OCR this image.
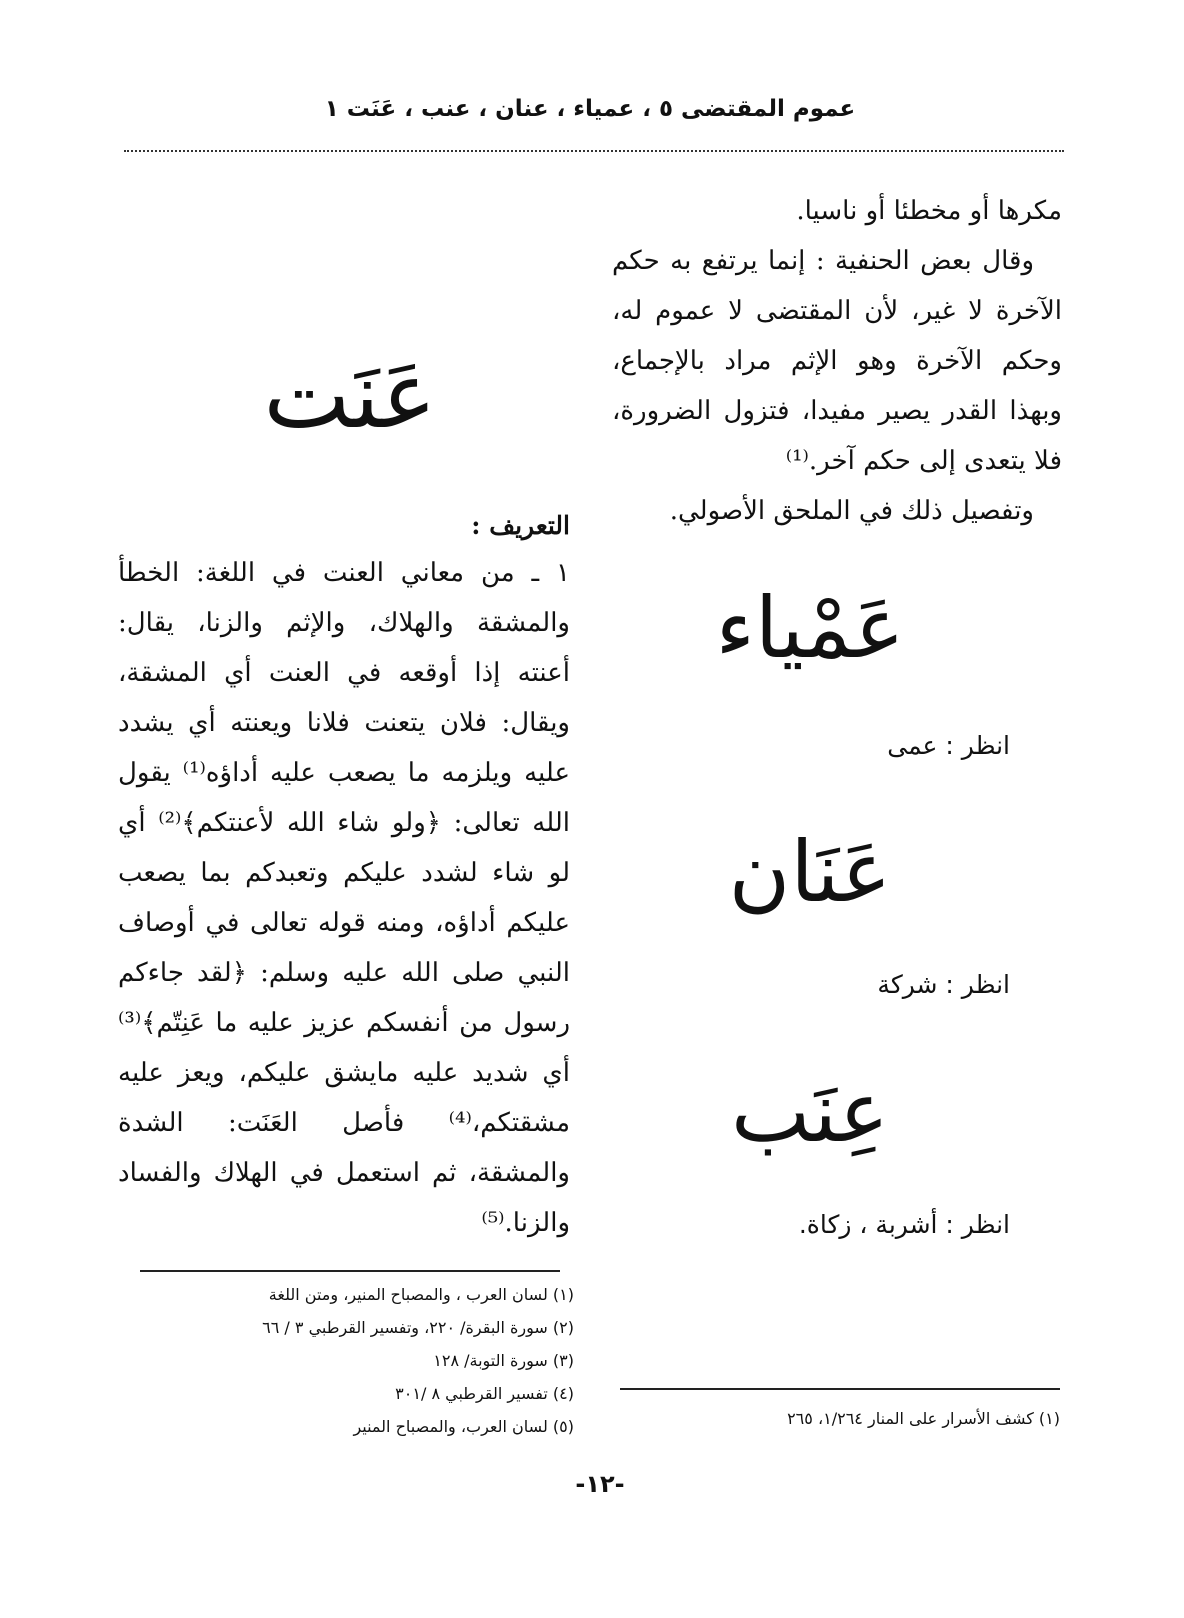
عموم المقتضى ٥ ، عمياء ، عنان ، عنب ، عَنَت ١

مكرها أو مخطئا أو ناسيا.

وقال بعض الحنفية : إنما يرتفع به حكم الآخرة لا غير، لأن المقتضى لا عموم له، وحكم الآخرة وهو الإثم مراد بالإجماع، وبهذا القدر يصير مفيدا، فتزول الضرورة، فلا يتعدى إلى حكم آخر.⁽¹⁾

وتفصيل ذلك في الملحق الأصولي.

عَمْياء
انظر : عمى
عَنَان
انظر : شركة
عِنَب
انظر : أشربة ، زكاة.
(١) كشف الأسرار على المنار ١/٢٦٤، ٢٦٥
عَنَت

التعريف :

١ ـ من معاني العنت في اللغة: الخطأ والمشقة والهلاك، والإثم والزنا، يقال: أعنته إذا أوقعه في العنت أي المشقة، ويقال: فلان يتعنت فلانا ويعنته أي يشدد عليه ويلزمه ما يصعب عليه أداؤه⁽¹⁾ يقول الله تعالى: ﴿ولو شاء الله لأعنتكم﴾⁽²⁾ أي لو شاء لشدد عليكم وتعبدكم بما يصعب عليكم أداؤه، ومنه قوله تعالى في أوصاف النبي صلى الله عليه وسلم: ﴿لقد جاءكم رسول من أنفسكم عزيز عليه ما عَنِتّم﴾⁽³⁾ أي شديد عليه مايشق عليكم، ويعز عليه مشقتكم،⁽⁴⁾ فأصل العَنَت: الشدة والمشقة، ثم استعمل في الهلاك والفساد والزنا.⁽⁵⁾

(١) لسان العرب ، والمصباح المنير، ومتن اللغة
(٢) سورة البقرة/ ٢٢٠، وتفسير القرطبي ٣ / ٦٦
(٣) سورة التوبة/ ١٢٨
(٤) تفسير القرطبي ٨ /٣٠١
(٥) لسان العرب، والمصباح المنير
-١٢-
